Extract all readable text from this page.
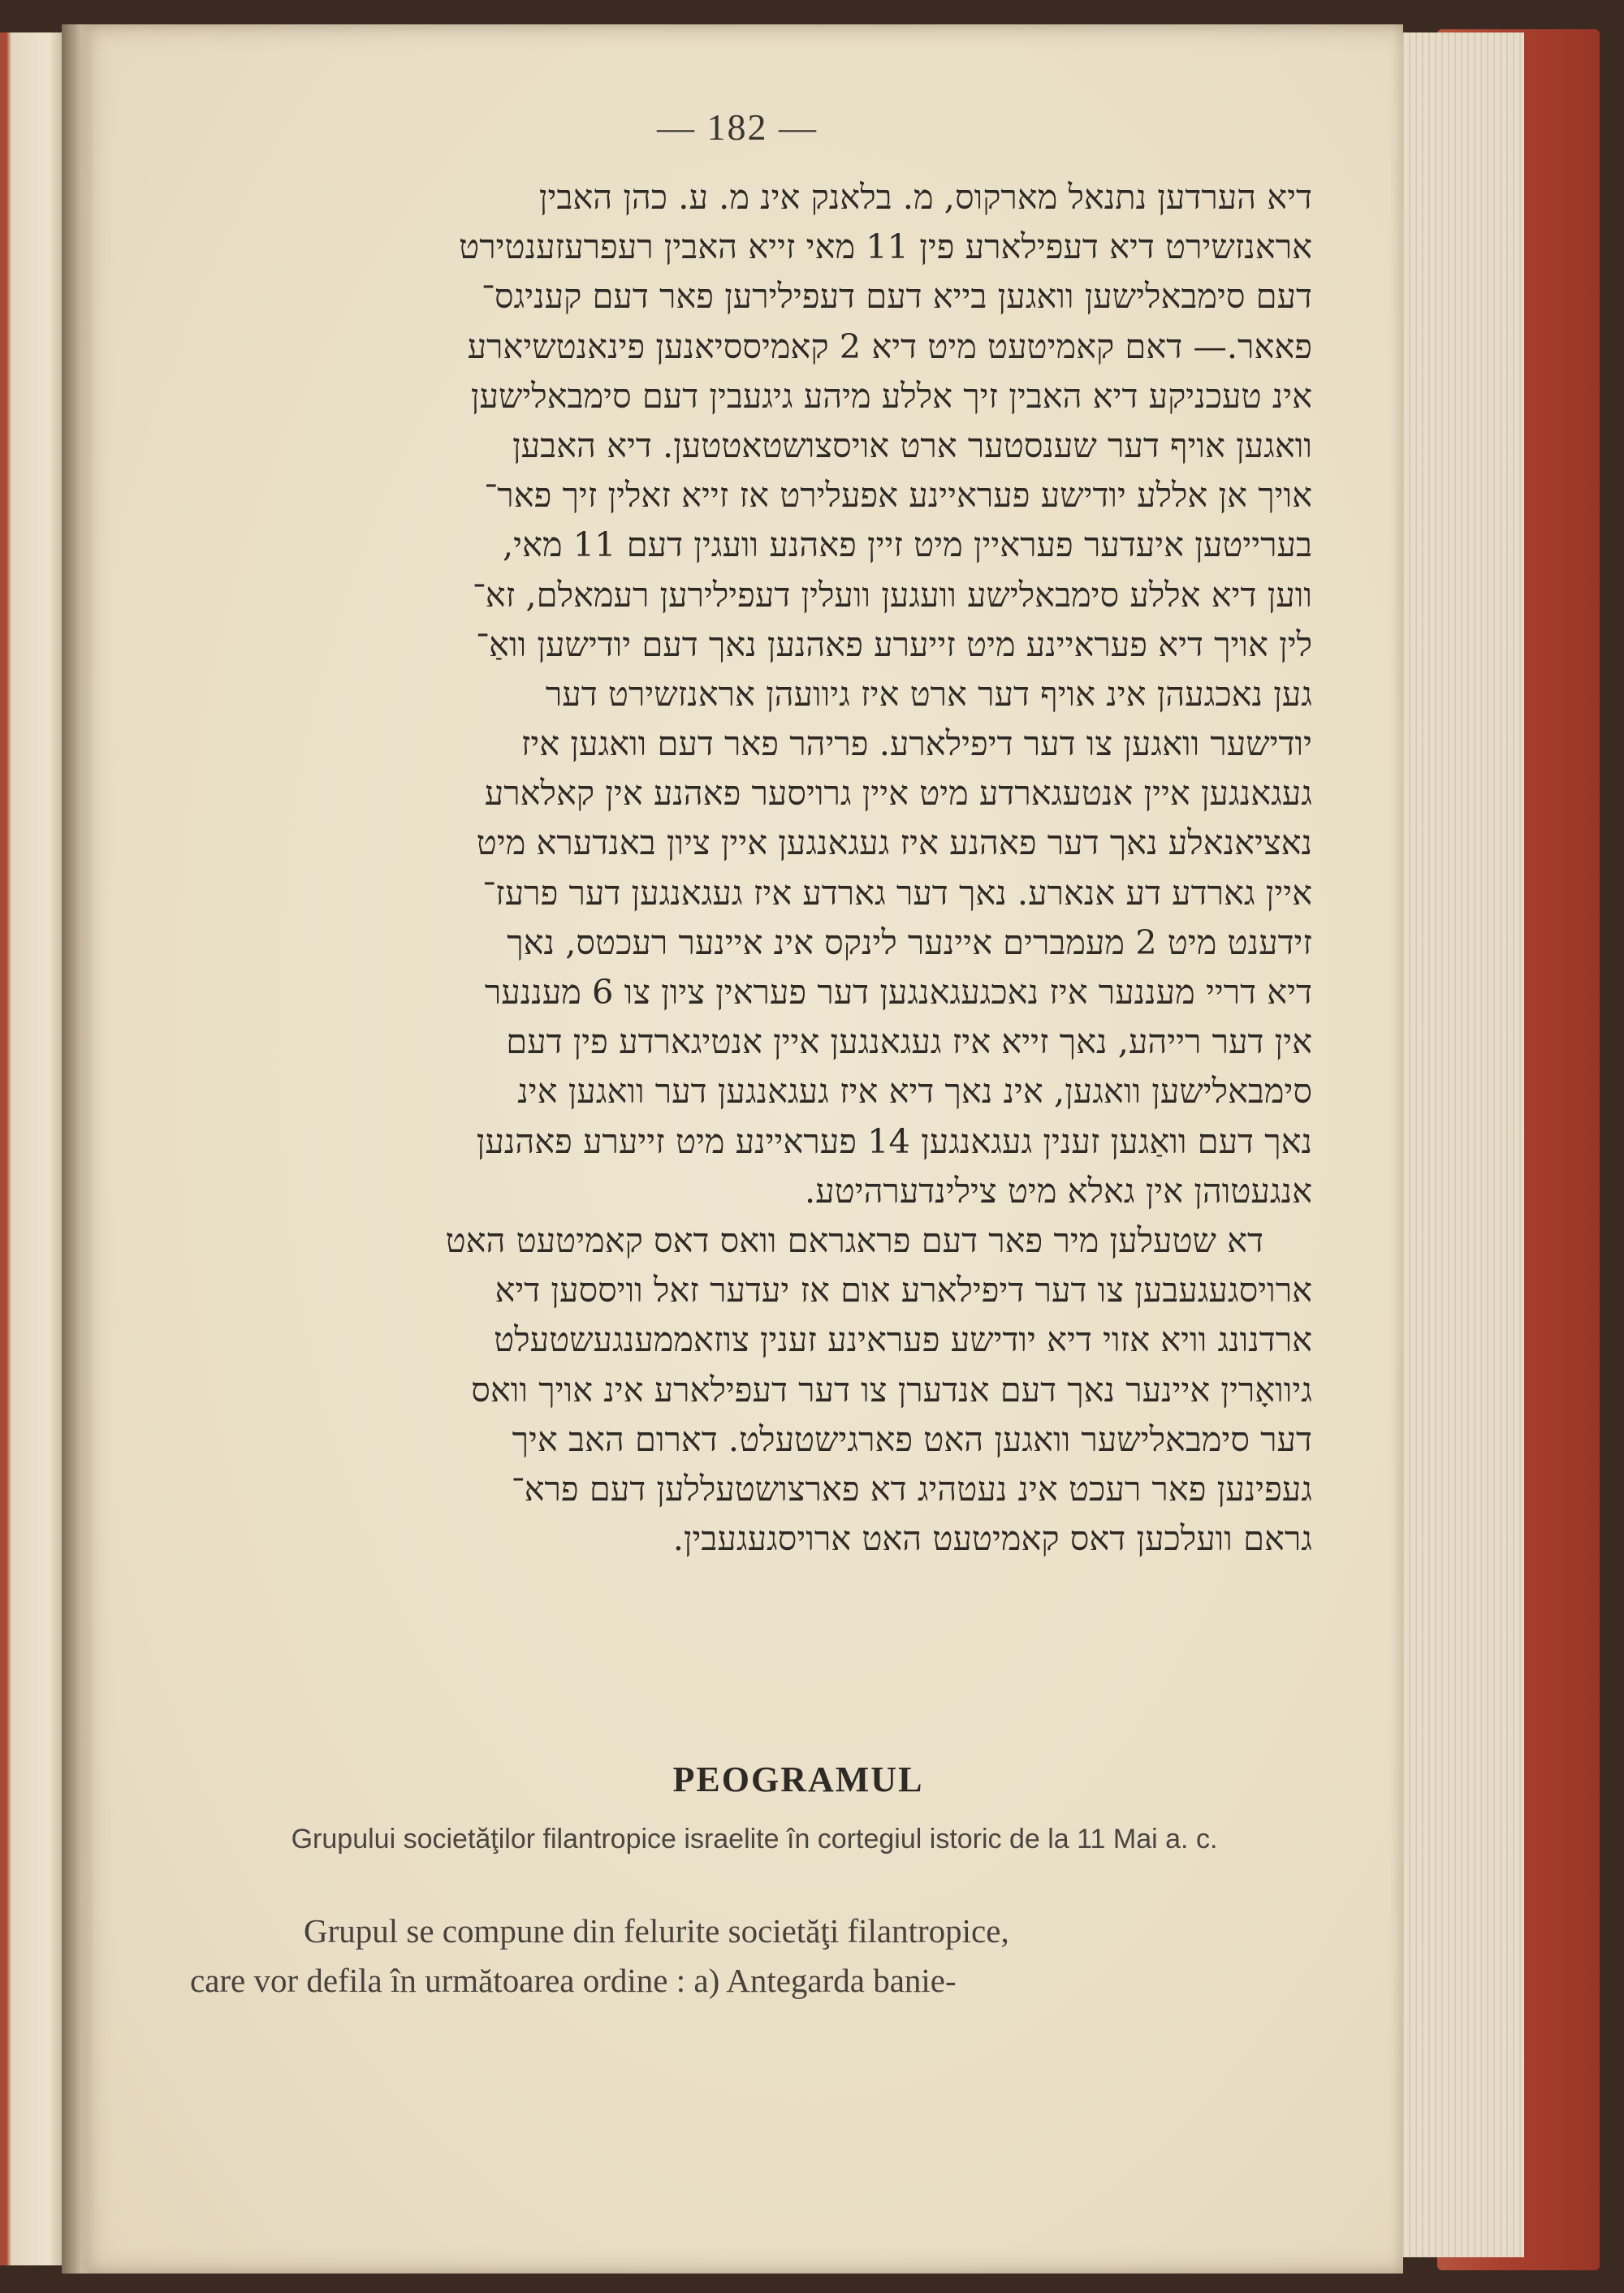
— 182 —
דיא הערדען נתנאל מארקוס, מ. בלאנק אינ מ. ע. כהן האבין
אראנזשירט דיא דעפילארע פין 11 מאי זייא האבין רעפרעזענטירט
דעם סימבאלישען וואגען בייא דעם דעפילירען פאר דעם קעניגס־
פאאר.— דאם קאמיטעט מיט דיא 2 קאמיססיאנען פינאנטשיארע
אינ טעכניקע דיא האבין זיך אללע מיהע גיגעבין דעם סימבאלישען
וואגען אויף דער שענסטער ארט אויסצושטאטטען. דיא האבען
אויך אן אללע יודישע פעראיינע אפעלירט אז זייא זאלין זיך פאר־
בערייטען איעדער פעראיין מיט זיין פאהנע וועגין דעם 11 מאי,
ווען דיא אללע סימבאלישע וועגען וועלין דעפילירען רעמאלם, זא־
לין אויך דיא פעראיינע מיט זייערע פאהנען נאך דעם יודישען וואַ־
גען נאכגעהן אינ אויף דער ארט איז גיוועהן אראנזשירט דער
יודישער וואגען צו דער דיפילארע. פריהר פאר דעם וואגען איז
געגאנגען איין אנטעגארדע מיט איין גרויסער פאהנע אין קאלארע
נאציאנאלע נאך דער פאהנע איז געגאנגען איין ציון באנדערא מיט
איין גארדע דע אנארע. נאך דער גארדע איז געגאנגען דער פרעז־
זידענט מיט 2 מעמברים איינער לינקס אינ איינער רעכטס, נאך
דיא דריי מעננער איז נאכגעגאנגען דער פעראין ציון צו 6 מעננער
אין דער רייהע, נאך זייא איז געגאנגען איין אנטיגארדע פין דעם
סימבאלישען וואגען, אינ נאך דיא איז געגאנגען דער וואגען אינ
נאך דעם וואַגען זענין געגאנגען 14 פעראיינע מיט זייערע פאהנען
אנגעטוהן אין גאלא מיט צילינדערהיטע.
דא שטעלען מיר פאר דעם פראגראם וואס דאס קאמיטעט האט
ארויסגעגעבען צו דער דיפילארע אום אז יעדער זאל וויססען דיא
ארדנונג וויא אזוי דיא יודישע פעראינע זענין צוזאממענגעשטעלט
גיוואָרין איינער נאך דעם אנדערן צו דער דעפילארע אינ אויך וואס
דער סימבאלישער וואגען האט פארגישטעלט. דארום האב איך
געפינען פאר רעכט אינ נעטהיג דא פארצושטעללען דעם פרא־
גראם וועלכען דאס קאמיטעט האט ארויסגעגעבין.
PEOGRAMUL
Grupului societăţilor filantropice israelite în cortegiul istoric de la 11 Mai a. c.
Grupul se compune din felurite societăţi filantropice,
care vor defila în următoarea ordine : a) Antegarda banie-
